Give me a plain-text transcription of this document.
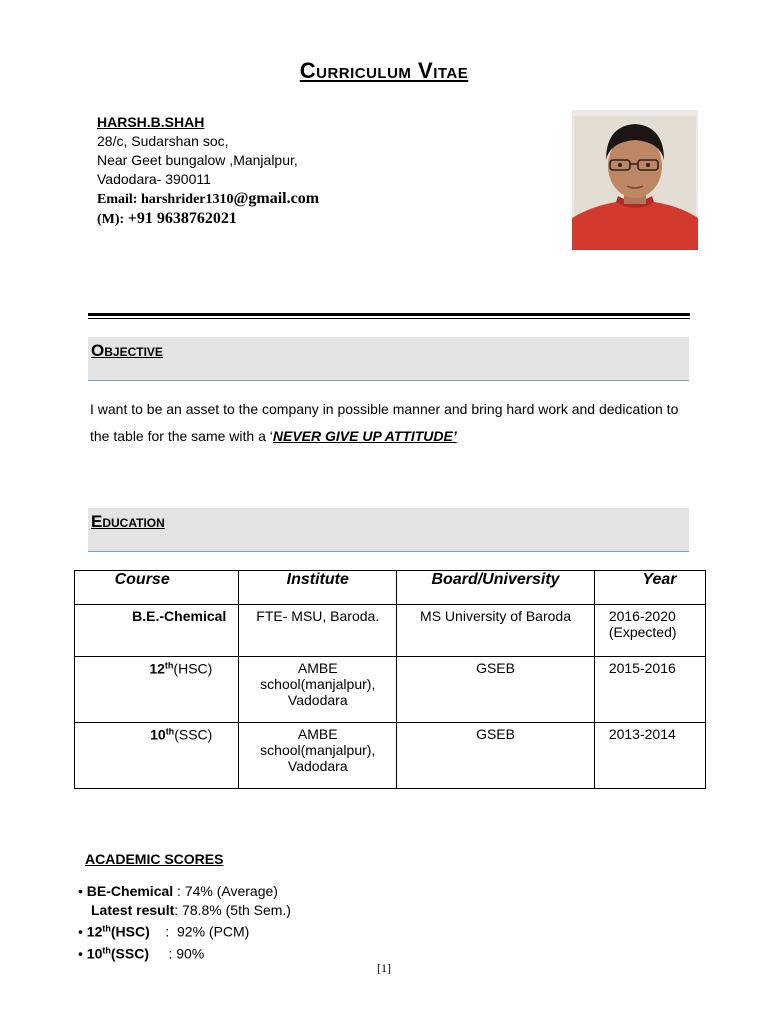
Curriculum Vitae
HARSH.B.SHAH
28/c, Sudarshan soc,
Near Geet bungalow ,Manjalpur,
Vadodara- 390011
Email: harshrider1310@gmail.com
(M): +91 9638762021
Objective
I want to be an asset to the company in possible manner and bring hard work and dedication to the table for the same with a ‘NEVER GIVE UP ATTITUDE’
Education
Course	Institute	Board/University	Year
B.E.-Chemical	FTE- MSU, Baroda.	MS University of Baroda	2016-2020 (Expected)
12th(HSC)	AMBE school(manjalpur), Vadodara	GSEB	2015-2016
10th(SSC)	AMBE school(manjalpur), Vadodara	GSEB	2013-2014
ACADEMIC SCORES
• BE-Chemical : 74% (Average)
Latest result: 78.8% (5th Sem.)
• 12th(HSC)    :  92% (PCM)
• 10th(SSC)     : 90%
[1]
